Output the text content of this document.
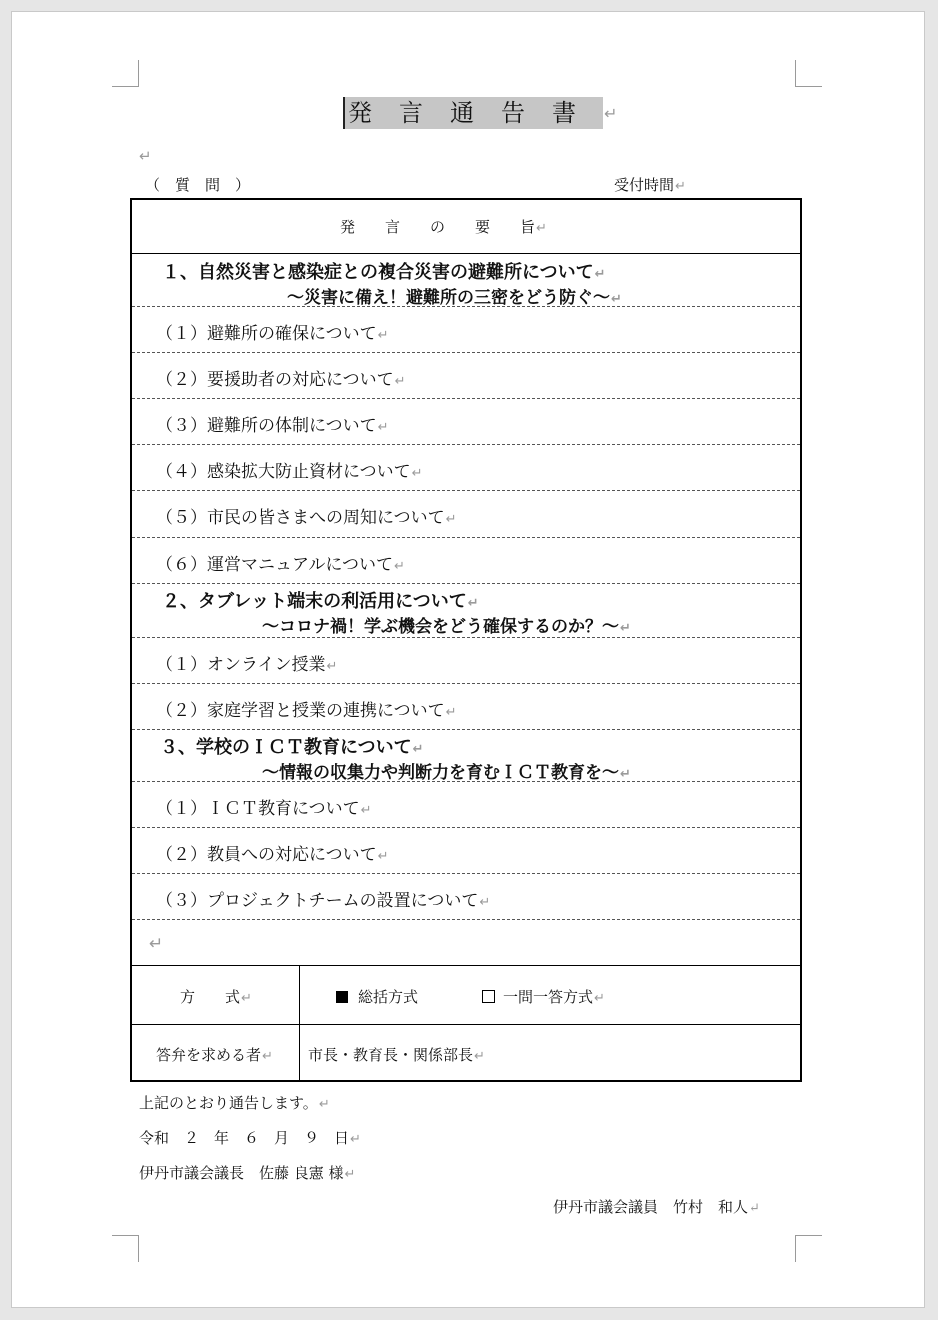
発言通告書 ↵
↵
（　質　問　）	受付時間↵
発　　言　　の　　要　　旨↵
１、自然災害と感染症との複合災害の避難所について↵
～災害に備え！避難所の三密をどう防ぐ～↵
（１）避難所の確保について↵
（２）要援助者の対応について↵
（３）避難所の体制について↵
（４）感染拡大防止資材について↵
（５）市民の皆さまへの周知について↵
（６）運営マニュアルについて↵
２、タブレット端末の利活用について↵
～コロナ禍！学ぶ機会をどう確保するのか？～↵
（１）オンライン授業↵
（２）家庭学習と授業の連携について↵
３、学校のＩＣＴ教育について↵
～情報の収集力や判断力を育むＩＣＴ教育を～↵
（１）ＩＣＴ教育について↵
（２）教員への対応について↵
（３）プロジェクトチームの設置について↵
↵
方　　式↵	総括方式	一問一答方式↵
答弁を求める者↵ 市長・教育長・関係部長↵
上記のとおり通告します。↵
令和　２　年　６　月　９　日↵
伊丹市議会議長　佐藤 良憲 様↵
伊丹市議会議員　竹村　和人↵
